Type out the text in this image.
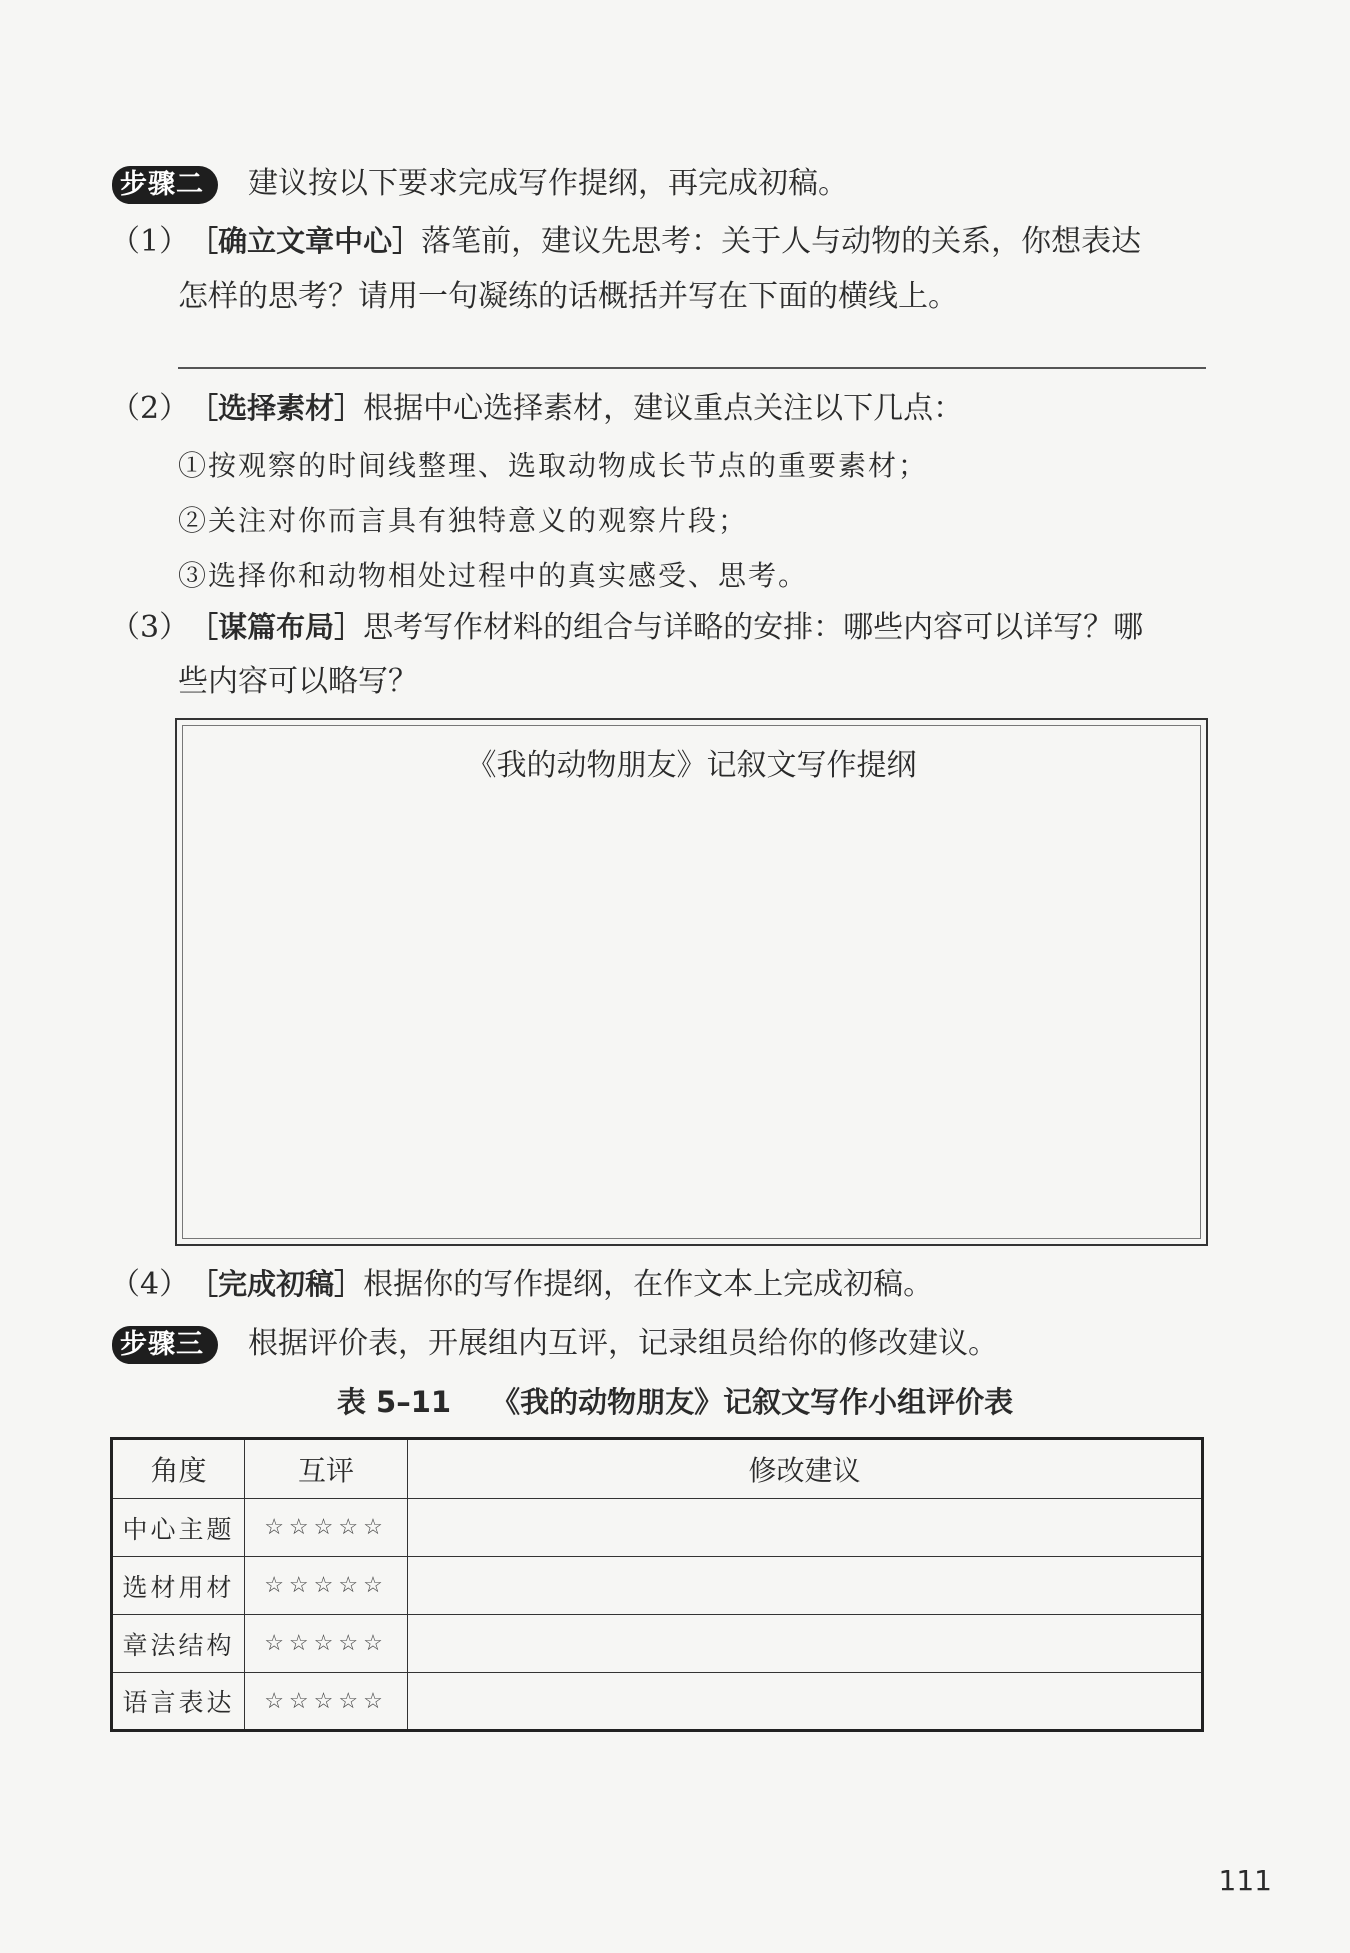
步骤二 建议按以下要求完成写作提纲，再完成初稿。
（1）［确立文章中心］落笔前，建议先思考：关于人与动物的关系，你想表达
怎样的思考？请用一句凝练的话概括并写在下面的横线上。
（2）［选择素材］根据中心选择素材，建议重点关注以下几点：
①按观察的时间线整理、选取动物成长节点的重要素材；
②关注对你而言具有独特意义的观察片段；
③选择你和动物相处过程中的真实感受、思考。
（3）［谋篇布局］思考写作材料的组合与详略的安排：哪些内容可以详写？哪
些内容可以略写？
《我的动物朋友》记叙文写作提纲
（4）［完成初稿］根据你的写作提纲，在作文本上完成初稿。
步骤三 根据评价表，开展组内互评，记录组员给你的修改建议。
表 5–11 《我的动物朋友》记叙文写作小组评价表
角度	互评	修改建议
中心主题	☆☆☆☆☆	
选材用材	☆☆☆☆☆	
章法结构	☆☆☆☆☆	
语言表达	☆☆☆☆☆	
111
